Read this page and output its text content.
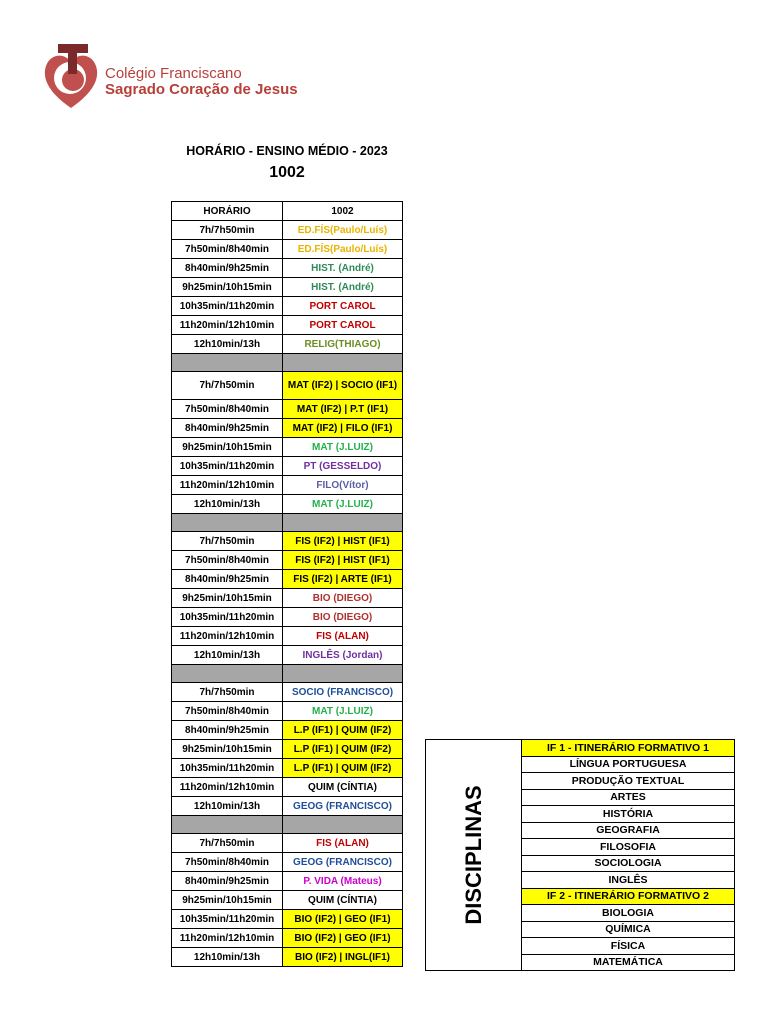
Colégio Franciscano
Sagrado Coração de Jesus
HORÁRIO - ENSINO MÉDIO - 2023
1002
HORÁRIO	1002
7h/7h50min	ED.FÍS(Paulo/Luís)
7h50min/8h40min	ED.FÍS(Paulo/Luís)
8h40min/9h25min	HIST. (André)
9h25min/10h15min	HIST. (André)
10h35min/11h20min	PORT CAROL
11h20min/12h10min	PORT CAROL
12h10min/13h	RELIG(THIAGO)

7h/7h50min	MAT (IF2) | SOCIO (IF1)
7h50min/8h40min	MAT (IF2) | P.T (IF1)
8h40min/9h25min	MAT (IF2) | FILO (IF1)
9h25min/10h15min	MAT (J.LUIZ)
10h35min/11h20min	PT (GESSELDO)
11h20min/12h10min	FILO(Vítor)
12h10min/13h	MAT (J.LUIZ)

7h/7h50min	FIS (IF2) | HIST (IF1)
7h50min/8h40min	FIS (IF2) | HIST (IF1)
8h40min/9h25min	FIS (IF2) | ARTE (IF1)
9h25min/10h15min	BIO (DIEGO)
10h35min/11h20min	BIO (DIEGO)
11h20min/12h10min	FIS (ALAN)
12h10min/13h	INGLÊS (Jordan)

7h/7h50min	SOCIO (FRANCISCO)
7h50min/8h40min	MAT (J.LUIZ)
8h40min/9h25min	L.P (IF1) | QUIM (IF2)
9h25min/10h15min	L.P (IF1) | QUIM (IF2)
10h35min/11h20min	L.P (IF1) | QUIM (IF2)
11h20min/12h10min	QUIM (CÍNTIA)
12h10min/13h	GEOG (FRANCISCO)

7h/7h50min	FIS (ALAN)
7h50min/8h40min	GEOG (FRANCISCO)
8h40min/9h25min	P. VIDA (Mateus)
9h25min/10h15min	QUIM (CÍNTIA)
10h35min/11h20min	BIO (IF2) | GEO (IF1)
11h20min/12h10min	BIO (IF2) | GEO (IF1)
12h10min/13h	BIO (IF2) | INGL(IF1)
DISCIPLINAS
	IF 1 - ITINERÁRIO FORMATIVO 1
LÍNGUA PORTUGUESA
PRODUÇÃO TEXTUAL
ARTES
HISTÓRIA
GEOGRAFIA
FILOSOFIA
SOCIOLOGIA
INGLÊS
IF 2 - ITINERÁRIO FORMATIVO 2
BIOLOGIA
QUÍMICA
FÍSICA
MATEMÁTICA
